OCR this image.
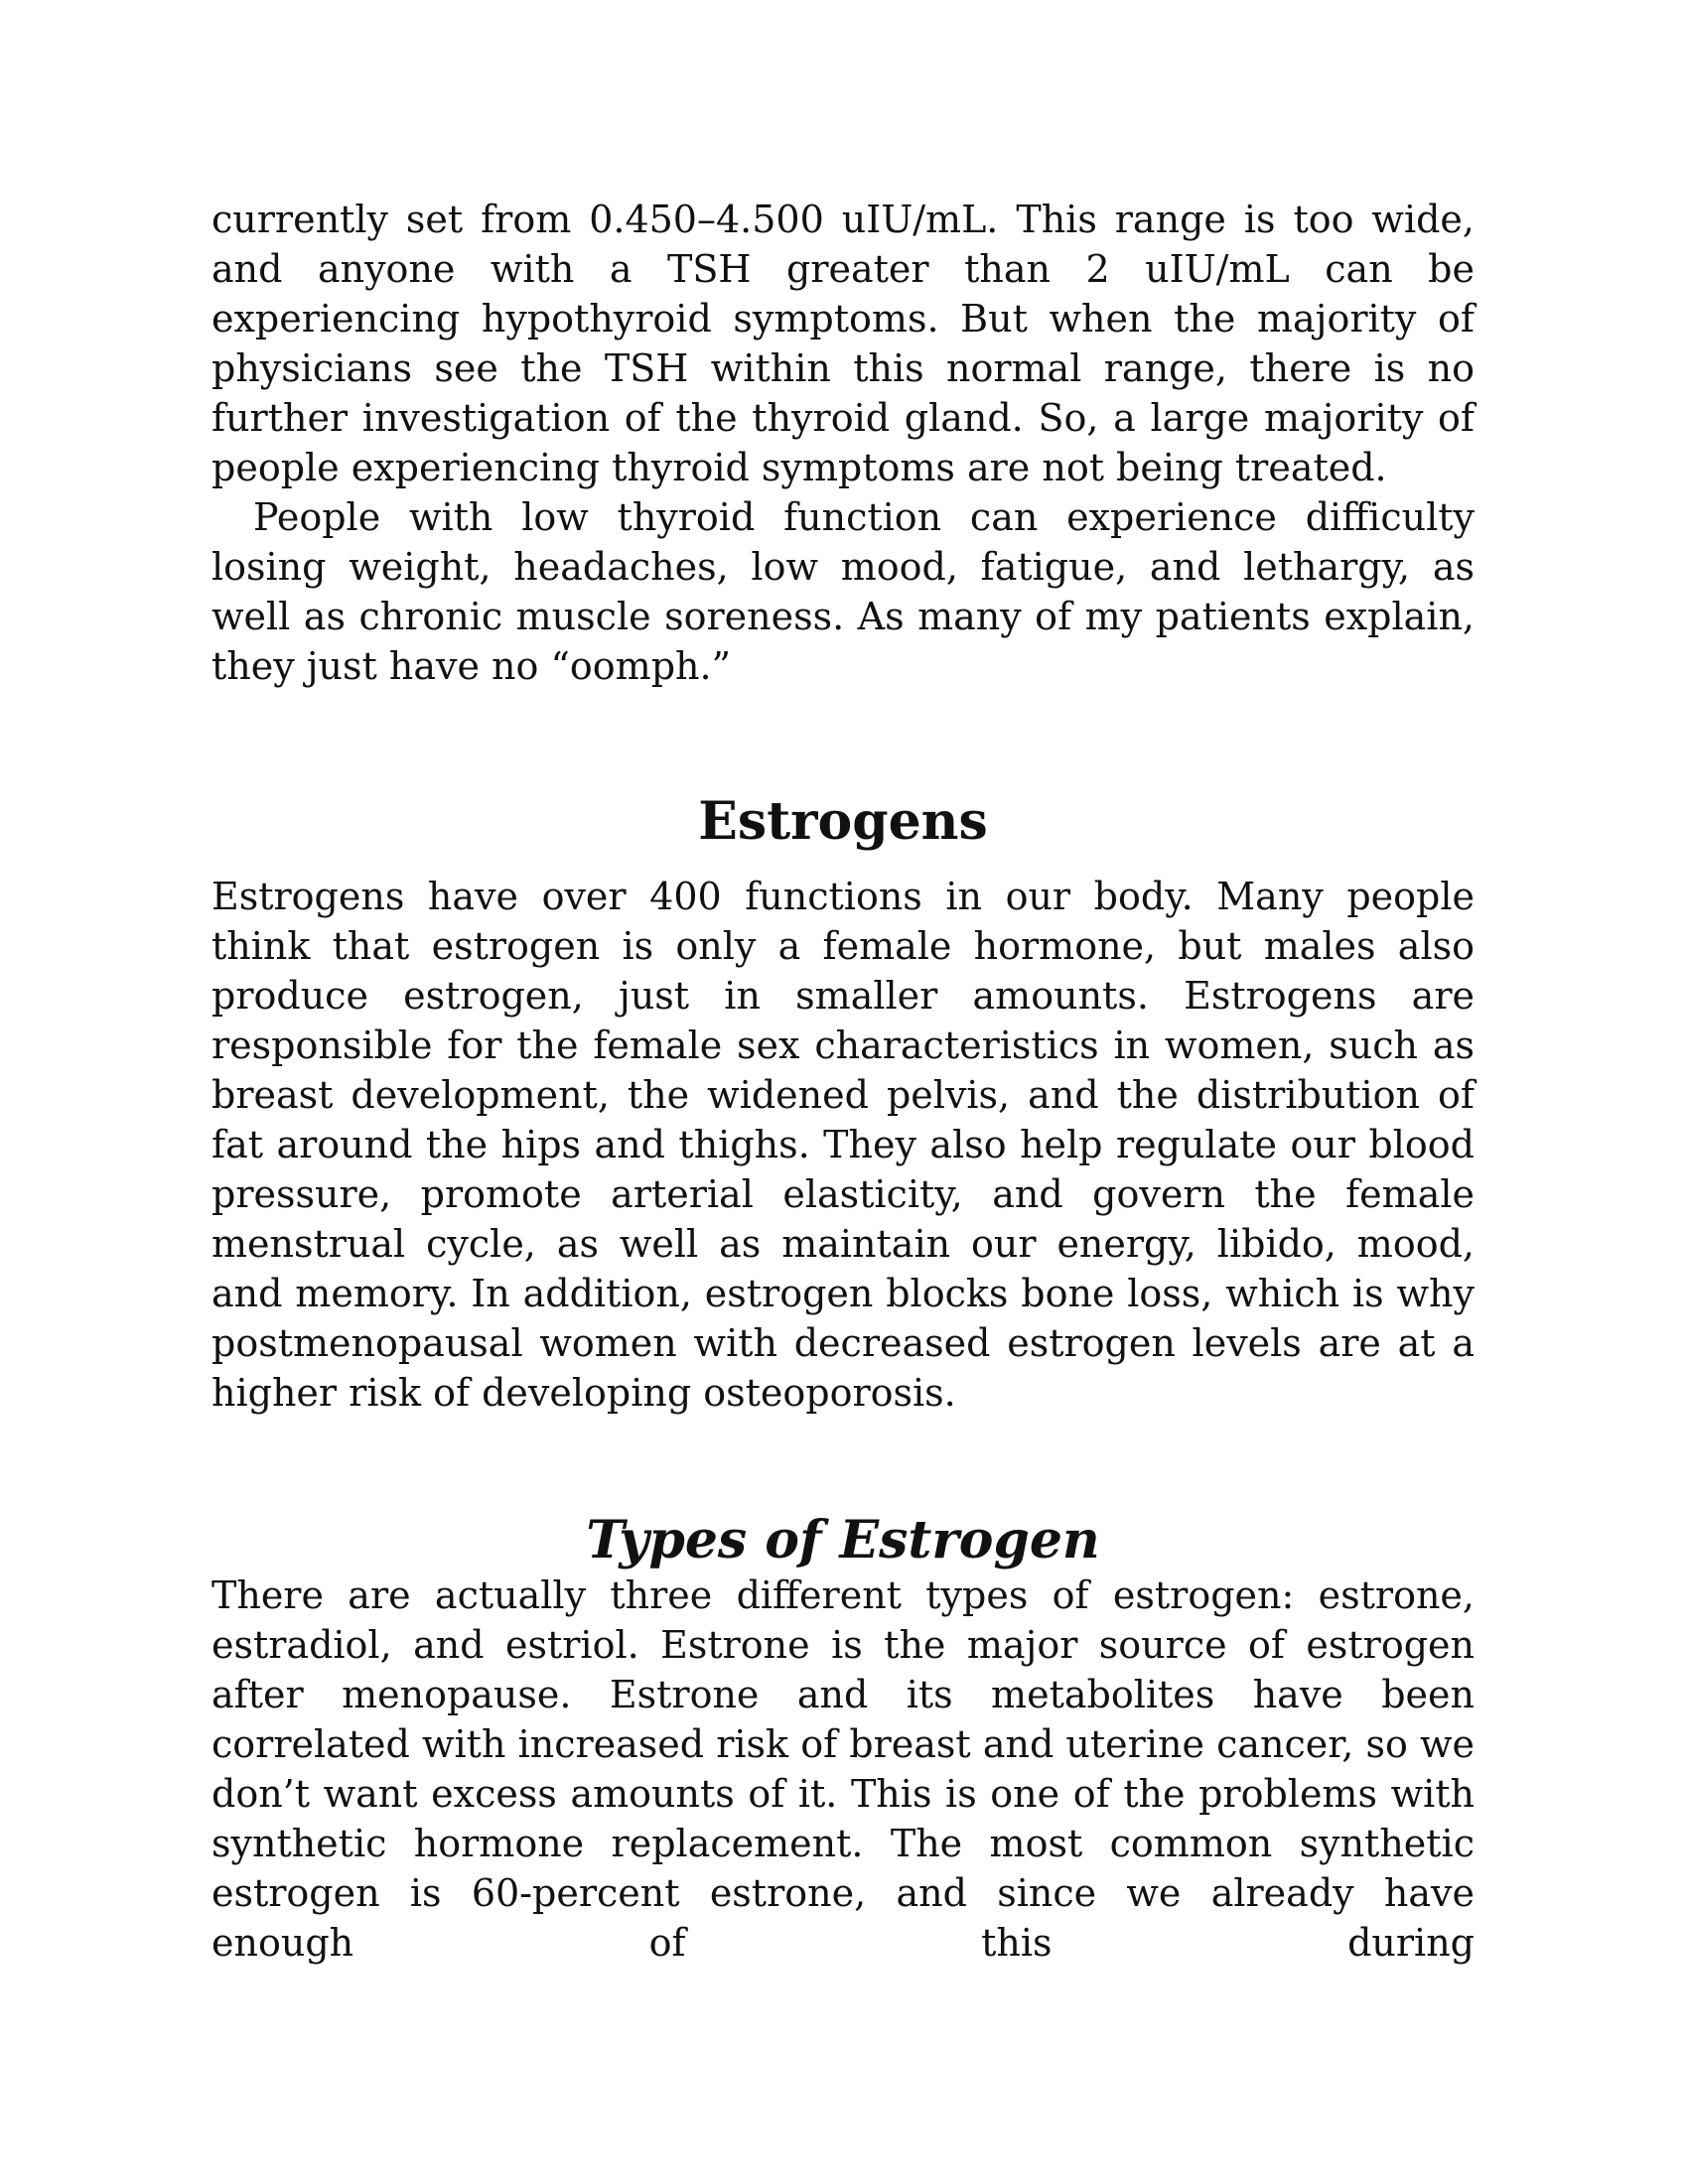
currently set from 0.450–4.500 uIU/mL. This range is too wide, and anyone with a TSH greater than 2 uIU/mL can be experiencing hypothyroid symptoms. But when the majority of physicians see the TSH within this normal range, there is no further investigation of the thyroid gland. So, a large majority of people experiencing thyroid symptoms are not being treated.

People with low thyroid function can experience difficulty losing weight, headaches, low mood, fatigue, and lethargy, as well as chronic muscle soreness. As many of my patients explain, they just have no “oomph.”

Estrogens

Estrogens have over 400 functions in our body. Many people think that estrogen is only a female hormone, but males also produce estrogen, just in smaller amounts. Estrogens are responsible for the female sex characteristics in women, such as breast development, the widened pelvis, and the distribution of fat around the hips and thighs. They also help regulate our blood pressure, promote arterial elasticity, and govern the female menstrual cycle, as well as maintain our energy, libido, mood, and memory. In addition, estrogen blocks bone loss, which is why postmenopausal women with decreased estrogen levels are at a higher risk of developing osteoporosis.

Types of Estrogen

There are actually three different types of estrogen: estrone, estradiol, and estriol. Estrone is the major source of estrogen after menopause. Estrone and its metabolites have been correlated with increased risk of breast and uterine cancer, so we don’t want excess amounts of it. This is one of the problems with synthetic hormone replacement. The most common synthetic estrogen is 60-percent estrone, and since we already have enough of this during
